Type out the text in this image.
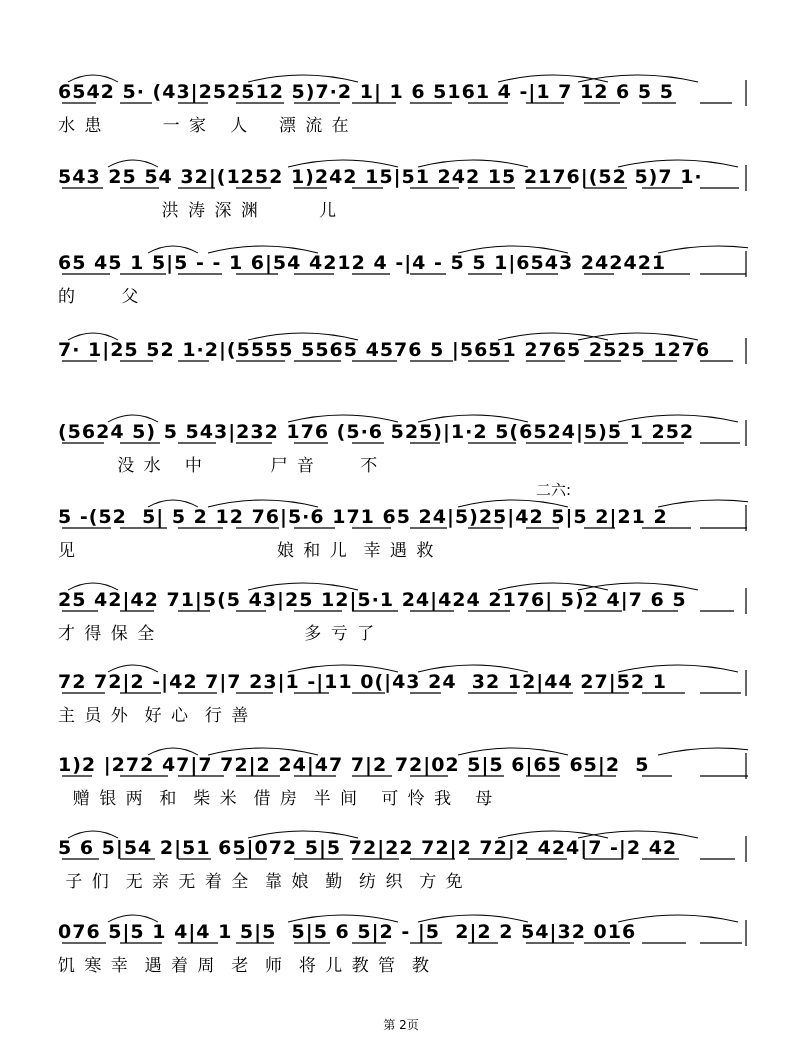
6542 5· (43|252512 5)7·2 1| 1 6 5161 4 -|1 7 12 6 5 5
水 患        一 家   人    漂 流 在
543 25 54 32|(1252 1)242 15|51 242 15 2176|(52 5)7 1·
洪 涛 深 渊        儿
65 45 1 5|5 - - 1 6|54 4212 4 -|4 - 5 5 1|6543 242421
的      父
7· 1|25 52 1·2|(5555 5565 4576 5 |5651 2765 2525 1276
(5624 5) 5 543|232 176 (5·6 525)|1·2 5(6524|5)5 1 252
没 水   中         尸 音      不
5 -(52  5| 5 2 12 76|5·6 171 65 24|5)25|42 5|5 2|21 2
见                           娘 和 儿  幸 遇 救
二六:
25 42|42 71|5(5 43|25 12|5·1 24|424 2176| 5)2 4|7 6 5
才 得 保 全                    多 亏 了
72 72|2 -|42 7|7 23|1 -|11 0(|43 24  32 12|44 27|52 1
主 员 外  好 心  行 善
1)2 |272 47|7 72|2 24|47 7|2 72|02 5|5 6|65 65|2  5
赠 银 两  和  柴 米  借 房  半 间   可 怜 我   母
5 6 5|54 2|51 65|072 5|5 72|22 72|2 72|2 424|7 -|2 42
子 们  无 亲 无 着 全  靠 娘  勤  纺 织  方 免
076 5|5 1 4|4 1 5|5  5|5 6 5|2 - |5  2|2 2 54|32 016
饥 寒 幸  遇 着 周  老  师  将 儿 教 管  教
第 2页
